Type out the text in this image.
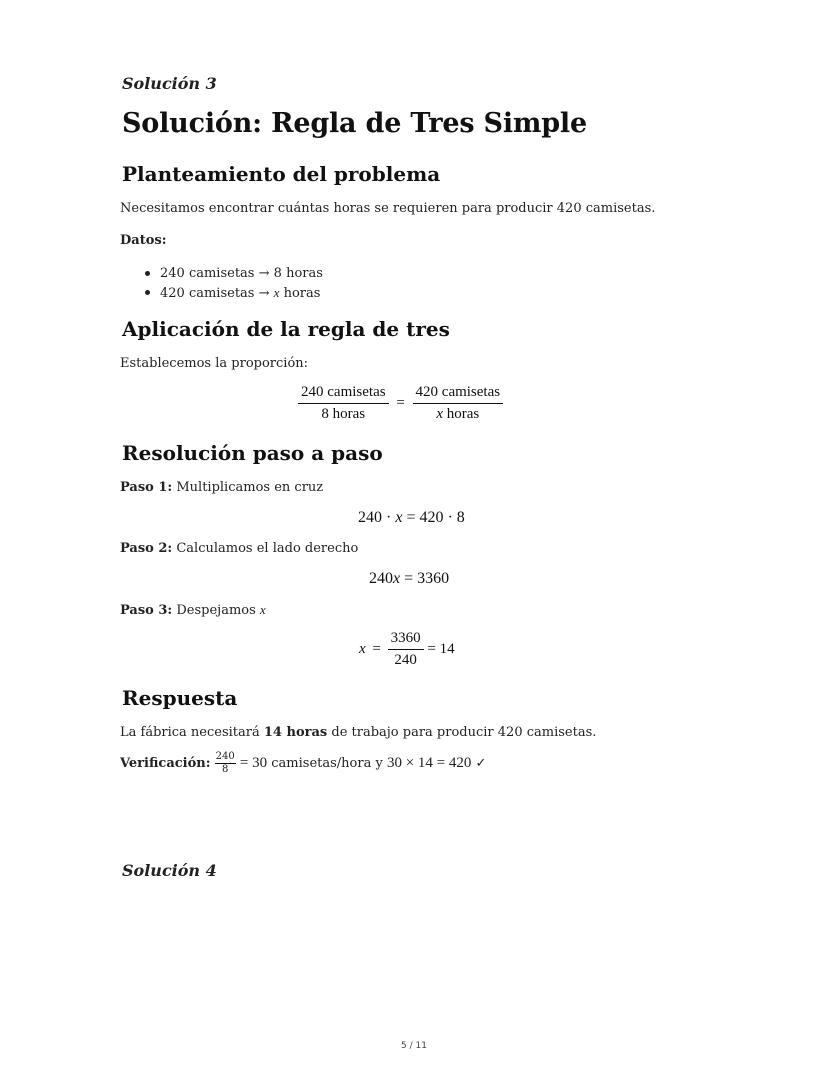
Solución 3
Solución: Regla de Tres Simple
Planteamiento del problema
Necesitamos encontrar cuántas horas se requieren para producir 420 camisetas.
Datos:
240 camisetas → 8 horas
420 camisetas → x horas
Aplicación de la regla de tres
Establecemos la proporción:
$\frac{\text{240 camisetas}}{\text{8 horas}} = \frac{\text{420 camisetas}}{\text{x horas}}$
Resolución paso a paso
Paso 1: Multiplicamos en cruz
240 · x = 420 · 8
Paso 2: Calculamos el lado derecho
240x = 3360
Paso 3: Despejamos x
$x = \frac{3360}{240} = 14$
Respuesta
La fábrica necesitará 14 horas de trabajo para producir 420 camisetas.
Verificación: $\frac{240}{8} = 30$ camisetas/hora y 30 × 14 = 420 ✓
Solución 4
5 / 11
